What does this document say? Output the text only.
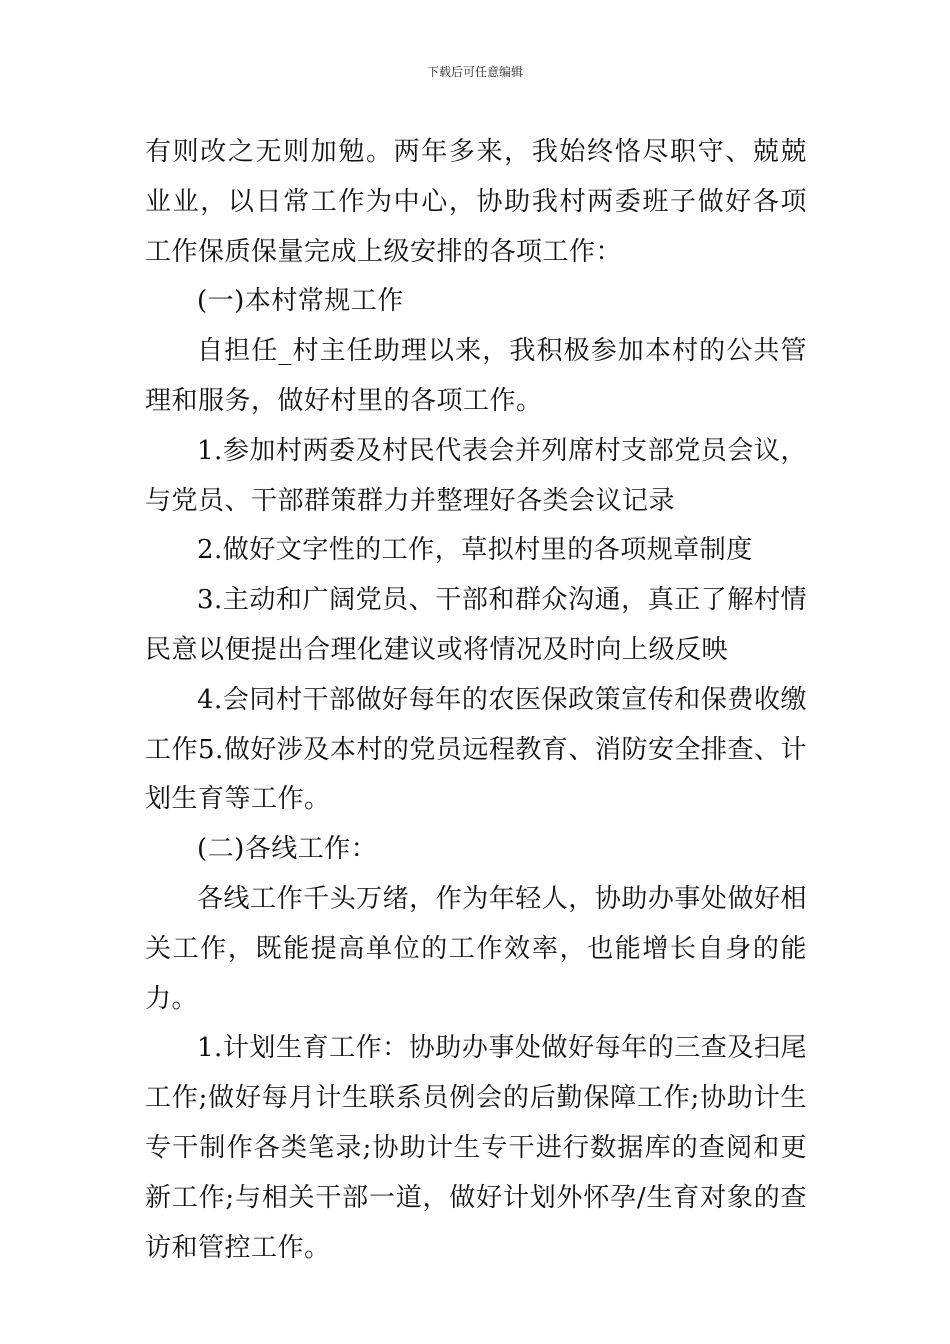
下载后可任意编辑

有则改之无则加勉。两年多来，我始终恪尽职守、兢兢业业，以日常工作为中心，协助我村两委班子做好各项工作保质保量完成上级安排的各项工作：

(一)本村常规工作

自担任_村主任助理以来，我积极参加本村的公共管理和服务，做好村里的各项工作。

1.参加村两委及村民代表会并列席村支部党员会议，与党员、干部群策群力并整理好各类会议记录

2.做好文字性的工作，草拟村里的各项规章制度

3.主动和广阔党员、干部和群众沟通，真正了解村情民意以便提出合理化建议或将情况及时向上级反映

4.会同村干部做好每年的农医保政策宣传和保费收缴工作5.做好涉及本村的党员远程教育、消防安全排查、计划生育等工作。

(二)各线工作：

各线工作千头万绪，作为年轻人，协助办事处做好相关工作，既能提高单位的工作效率，也能增长自身的能力。

1.计划生育工作：协助办事处做好每年的三查及扫尾工作;做好每月计生联系员例会的后勤保障工作;协助计生专干制作各类笔录;协助计生专干进行数据库的查阅和更新工作;与相关干部一道，做好计划外怀孕/生育对象的查访和管控工作。
